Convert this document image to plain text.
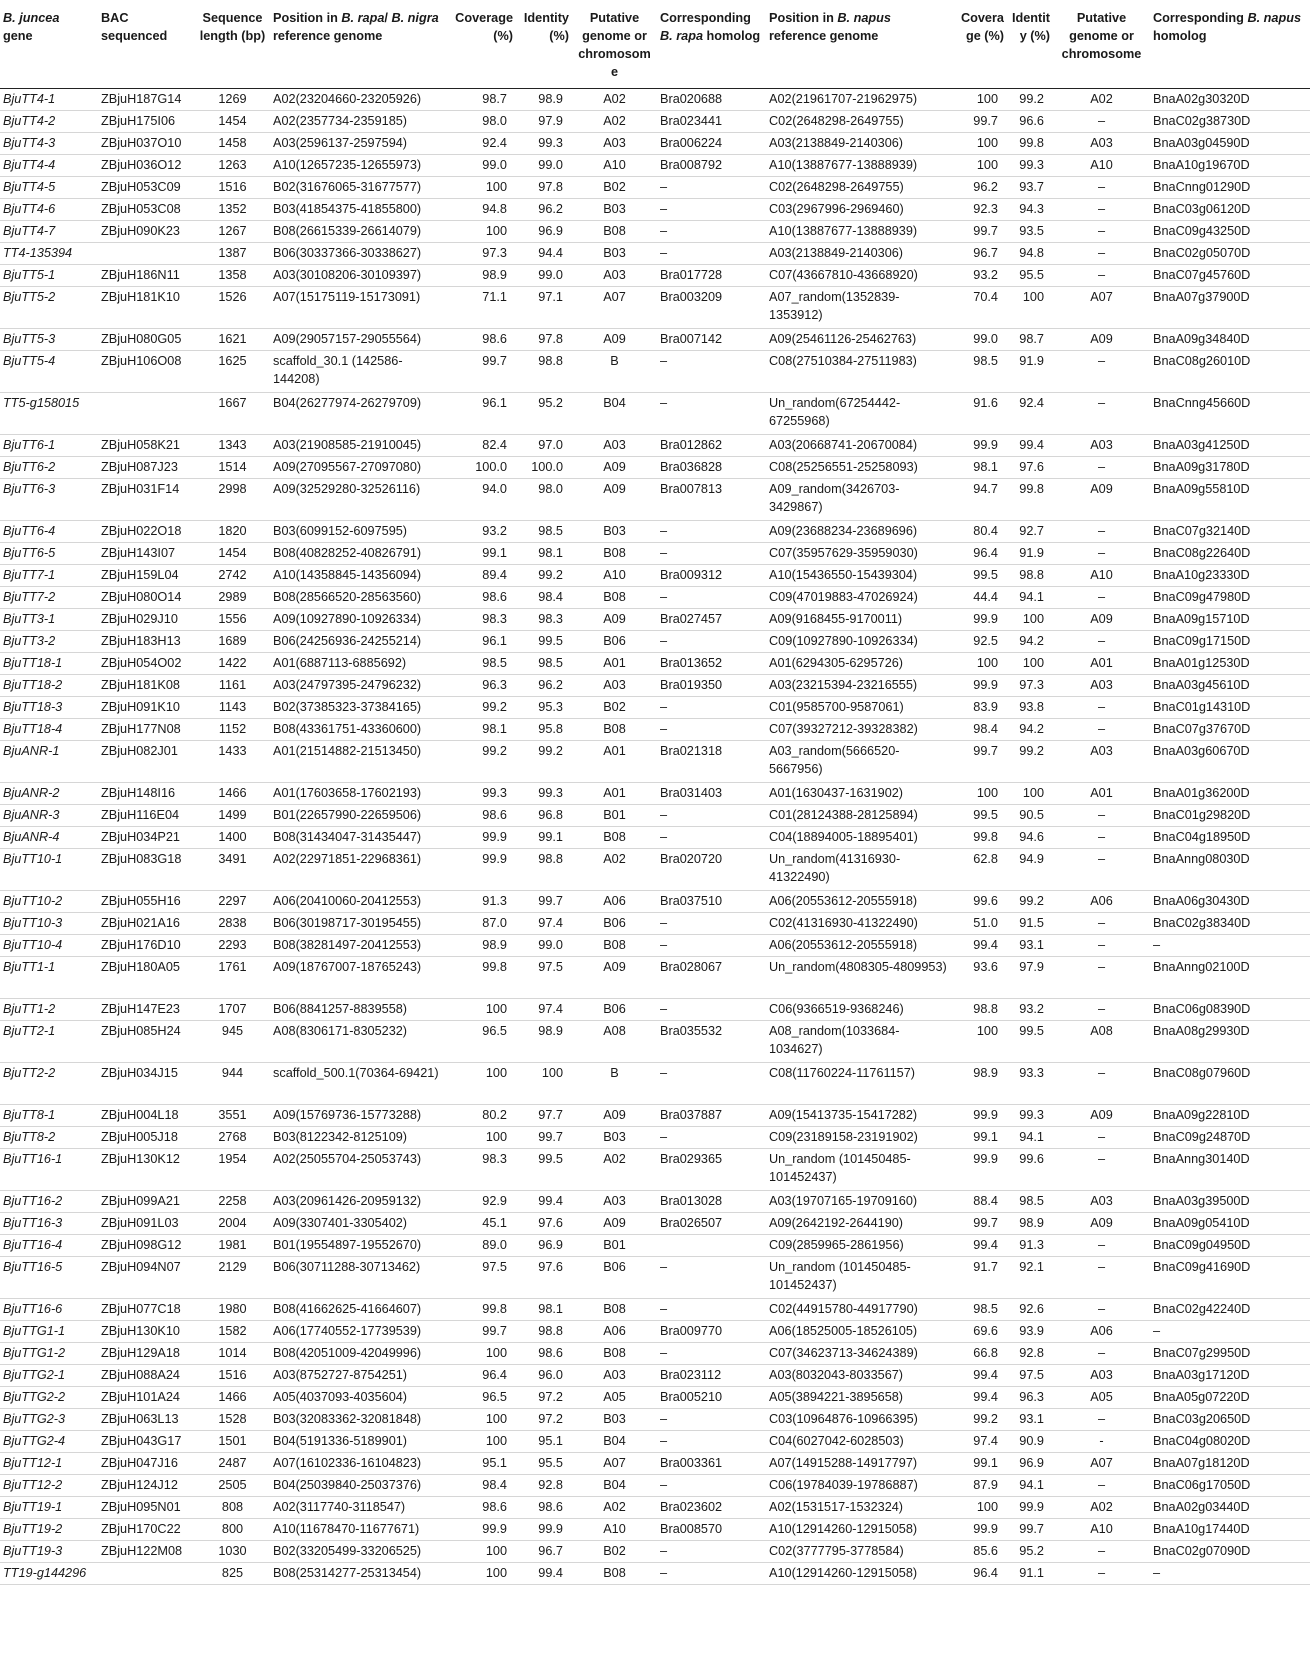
B. juncea
gene	BAC sequenced	Sequence length (bp)	Position in B. rapa/ B. nigra reference genome	Coverage (%)	Identity (%)	Putative genome or chromosome	Corresponding B. rapa homolog	Position in B. napus reference genome	Coverage (%)	Identity (%)	Putative genome or chromosome	Corresponding B. napus homolog
BjuTT4-1	ZBjuH187G14	1269	A02(23204660-23205926)	98.7	98.9	A02	Bra020688	A02(21961707-21962975)	100	99.2	A02	BnaA02g30320D
BjuTT4-2	ZBjuH175I06	1454	A02(2357734-2359185)	98.0	97.9	A02	Bra023441	C02(2648298-2649755)	99.7	96.6	–	BnaC02g38730D
BjuTT4-3	ZBjuH037O10	1458	A03(2596137-2597594)	92.4	99.3	A03	Bra006224	A03(2138849-2140306)	100	99.8	A03	BnaA03g04590D
BjuTT4-4	ZBjuH036O12	1263	A10(12657235-12655973)	99.0	99.0	A10	Bra008792	A10(13887677-13888939)	100	99.3	A10	BnaA10g19670D
BjuTT4-5	ZBjuH053C09	1516	B02(31676065-31677577)	100	97.8	B02	–	C02(2648298-2649755)	96.2	93.7	–	BnaCnng01290D
BjuTT4-6	ZBjuH053C08	1352	B03(41854375-41855800)	94.8	96.2	B03	–	C03(2967996-2969460)	92.3	94.3	–	BnaC03g06120D
BjuTT4-7	ZBjuH090K23	1267	B08(26615339-26614079)	100	96.9	B08	–	A10(13887677-13888939)	99.7	93.5	–	BnaC09g43250D
TT4-135394		1387	B06(30337366-30338627)	97.3	94.4	B03	–	A03(2138849-2140306)	96.7	94.8	–	BnaC02g05070D
BjuTT5-1	ZBjuH186N11	1358	A03(30108206-30109397)	98.9	99.0	A03	Bra017728	C07(43667810-43668920)	93.2	95.5	–	BnaC07g45760D
BjuTT5-2	ZBjuH181K10	1526	A07(15175119-15173091)	71.1	97.1	A07	Bra003209	A07_random(1352839-1353912)	70.4	100	A07	BnaA07g37900D
BjuTT5-3	ZBjuH080G05	1621	A09(29057157-29055564)	98.6	97.8	A09	Bra007142	A09(25461126-25462763)	99.0	98.7	A09	BnaA09g34840D
BjuTT5-4	ZBjuH106O08	1625	scaffold_30.1 (142586-144208)	99.7	98.8	B	–	C08(27510384-27511983)	98.5	91.9	–	BnaC08g26010D
TT5-g158015		1667	B04(26277974-26279709)	96.1	95.2	B04	–	Un_random(67254442-67255968)	91.6	92.4	–	BnaCnng45660D
BjuTT6-1	ZBjuH058K21	1343	A03(21908585-21910045)	82.4	97.0	A03	Bra012862	A03(20668741-20670084)	99.9	99.4	A03	BnaA03g41250D
BjuTT6-2	ZBjuH087J23	1514	A09(27095567-27097080)	100.0	100.0	A09	Bra036828	C08(25256551-25258093)	98.1	97.6	–	BnaA09g31780D
BjuTT6-3	ZBjuH031F14	2998	A09(32529280-32526116)	94.0	98.0	A09	Bra007813	A09_random(3426703-3429867)	94.7	99.8	A09	BnaA09g55810D
BjuTT6-4	ZBjuH022O18	1820	B03(6099152-6097595)	93.2	98.5	B03	–	A09(23688234-23689696)	80.4	92.7	–	BnaC07g32140D
BjuTT6-5	ZBjuH143I07	1454	B08(40828252-40826791)	99.1	98.1	B08	–	C07(35957629-35959030)	96.4	91.9	–	BnaC08g22640D
BjuTT7-1	ZBjuH159L04	2742	A10(14358845-14356094)	89.4	99.2	A10	Bra009312	A10(15436550-15439304)	99.5	98.8	A10	BnaA10g23330D
BjuTT7-2	ZBjuH080O14	2989	B08(28566520-28563560)	98.6	98.4	B08	–	C09(47019883-47026924)	44.4	94.1	–	BnaC09g47980D
BjuTT3-1	ZBjuH029J10	1556	A09(10927890-10926334)	98.3	98.3	A09	Bra027457	A09(9168455-9170011)	99.9	100	A09	BnaA09g15710D
BjuTT3-2	ZBjuH183H13	1689	B06(24256936-24255214)	96.1	99.5	B06	–	C09(10927890-10926334)	92.5	94.2	–	BnaC09g17150D
BjuTT18-1	ZBjuH054O02	1422	A01(6887113-6885692)	98.5	98.5	A01	Bra013652	A01(6294305-6295726)	100	100	A01	BnaA01g12530D
BjuTT18-2	ZBjuH181K08	1161	A03(24797395-24796232)	96.3	96.2	A03	Bra019350	A03(23215394-23216555)	99.9	97.3	A03	BnaA03g45610D
BjuTT18-3	ZBjuH091K10	1143	B02(37385323-37384165)	99.2	95.3	B02	–	C01(9585700-9587061)	83.9	93.8	–	BnaC01g14310D
BjuTT18-4	ZBjuH177N08	1152	B08(43361751-43360600)	98.1	95.8	B08	–	C07(39327212-39328382)	98.4	94.2	–	BnaC07g37670D
BjuANR-1	ZBjuH082J01	1433	A01(21514882-21513450)	99.2	99.2	A01	Bra021318	A03_random(5666520-5667956)	99.7	99.2	A03	BnaA03g60670D
BjuANR-2	ZBjuH148I16	1466	A01(17603658-17602193)	99.3	99.3	A01	Bra031403	A01(1630437-1631902)	100	100	A01	BnaA01g36200D
BjuANR-3	ZBjuH116E04	1499	B01(22657990-22659506)	98.6	96.8	B01	–	C01(28124388-28125894)	99.5	90.5	–	BnaC01g29820D
BjuANR-4	ZBjuH034P21	1400	B08(31434047-31435447)	99.9	99.1	B08	–	C04(18894005-18895401)	99.8	94.6	–	BnaC04g18950D
BjuTT10-1	ZBjuH083G18	3491	A02(22971851-22968361)	99.9	98.8	A02	Bra020720	Un_random(41316930-41322490)	62.8	94.9	–	BnaAnng08030D
BjuTT10-2	ZBjuH055H16	2297	A06(20410060-20412553)	91.3	99.7	A06	Bra037510	A06(20553612-20555918)	99.6	99.2	A06	BnaA06g30430D
BjuTT10-3	ZBjuH021A16	2838	B06(30198717-30195455)	87.0	97.4	B06	–	C02(41316930-41322490)	51.0	91.5	–	BnaC02g38340D
BjuTT10-4	ZBjuH176D10	2293	B08(38281497-20412553)	98.9	99.0	B08	–	A06(20553612-20555918)	99.4	93.1	–	–
BjuTT1-1	ZBjuH180A05	1761	A09(18767007-18765243)	99.8	97.5	A09	Bra028067	Un_random(4808305-4809953)	93.6	97.9	–	BnaAnng02100D
BjuTT1-2	ZBjuH147E23	1707	B06(8841257-8839558)	100	97.4	B06	–	C06(9366519-9368246)	98.8	93.2	–	BnaC06g08390D
BjuTT2-1	ZBjuH085H24	945	A08(8306171-8305232)	96.5	98.9	A08	Bra035532	A08_random(1033684-1034627)	100	99.5	A08	BnaA08g29930D
BjuTT2-2	ZBjuH034J15	944	scaffold_500.1(70364-69421)	100	100	B	–	C08(11760224-11761157)	98.9	93.3	–	BnaC08g07960D
BjuTT8-1	ZBjuH004L18	3551	A09(15769736-15773288)	80.2	97.7	A09	Bra037887	A09(15413735-15417282)	99.9	99.3	A09	BnaA09g22810D
BjuTT8-2	ZBjuH005J18	2768	B03(8122342-8125109)	100	99.7	B03	–	C09(23189158-23191902)	99.1	94.1	–	BnaC09g24870D
BjuTT16-1	ZBjuH130K12	1954	A02(25055704-25053743)	98.3	99.5	A02	Bra029365	Un_random (101450485-101452437)	99.9	99.6	–	BnaAnng30140D
BjuTT16-2	ZBjuH099A21	2258	A03(20961426-20959132)	92.9	99.4	A03	Bra013028	A03(19707165-19709160)	88.4	98.5	A03	BnaA03g39500D
BjuTT16-3	ZBjuH091L03	2004	A09(3307401-3305402)	45.1	97.6	A09	Bra026507	A09(2642192-2644190)	99.7	98.9	A09	BnaA09g05410D
BjuTT16-4	ZBjuH098G12	1981	B01(19554897-19552670)	89.0	96.9	B01		C09(2859965-2861956)	99.4	91.3	–	BnaC09g04950D
BjuTT16-5	ZBjuH094N07	2129	B06(30711288-30713462)	97.5	97.6	B06	–	Un_random (101450485-101452437)	91.7	92.1	–	BnaC09g41690D
BjuTT16-6	ZBjuH077C18	1980	B08(41662625-41664607)	99.8	98.1	B08	–	C02(44915780-44917790)	98.5	92.6	–	BnaC02g42240D
BjuTTG1-1	ZBjuH130K10	1582	A06(17740552-17739539)	99.7	98.8	A06	Bra009770	A06(18525005-18526105)	69.6	93.9	A06	–
BjuTTG1-2	ZBjuH129A18	1014	B08(42051009-42049996)	100	98.6	B08	–	C07(34623713-34624389)	66.8	92.8	–	BnaC07g29950D
BjuTTG2-1	ZBjuH088A24	1516	A03(8752727-8754251)	96.4	96.0	A03	Bra023112	A03(8032043-8033567)	99.4	97.5	A03	BnaA03g17120D
BjuTTG2-2	ZBjuH101A24	1466	A05(4037093-4035604)	96.5	97.2	A05	Bra005210	A05(3894221-3895658)	99.4	96.3	A05	BnaA05g07220D
BjuTTG2-3	ZBjuH063L13	1528	B03(32083362-32081848)	100	97.2	B03	–	C03(10964876-10966395)	99.2	93.1	–	BnaC03g20650D
BjuTTG2-4	ZBjuH043G17	1501	B04(5191336-5189901)	100	95.1	B04	–	C04(6027042-6028503)	97.4	90.9	-	BnaC04g08020D
BjuTT12-1	ZBjuH047J16	2487	A07(16102336-16104823)	95.1	95.5	A07	Bra003361	A07(14915288-14917797)	99.1	96.9	A07	BnaA07g18120D
BjuTT12-2	ZBjuH124J12	2505	B04(25039840-25037376)	98.4	92.8	B04	–	C06(19784039-19786887)	87.9	94.1	–	BnaC06g17050D
BjuTT19-1	ZBjuH095N01	808	A02(3117740-3118547)	98.6	98.6	A02	Bra023602	A02(1531517-1532324)	100	99.9	A02	BnaA02g03440D
BjuTT19-2	ZBjuH170C22	800	A10(11678470-11677671)	99.9	99.9	A10	Bra008570	A10(12914260-12915058)	99.9	99.7	A10	BnaA10g17440D
BjuTT19-3	ZBjuH122M08	1030	B02(33205499-33206525)	100	96.7	B02	–	C02(3777795-3778584)	85.6	95.2	–	BnaC02g07090D
TT19-g144296		825	B08(25314277-25313454)	100	99.4	B08	–	A10(12914260-12915058)	96.4	91.1	–	–
